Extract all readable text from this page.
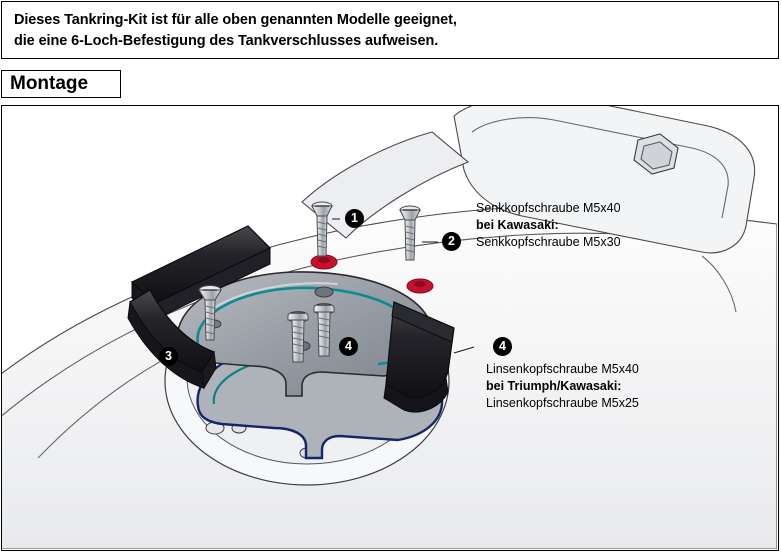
Dieses Tankring-Kit ist für alle oben genannten Modelle geeignet,
die eine 6-Loch-Befestigung des Tankverschlusses aufweisen.
Montage
1
2
3
4	4
Senkkopfschraube M5x40
bei Kawasaki:
Senkkopfschraube M5x30
Linsenkopfschraube M5x40
bei Triumph/Kawasaki:
Linsenkopfschraube M5x25
